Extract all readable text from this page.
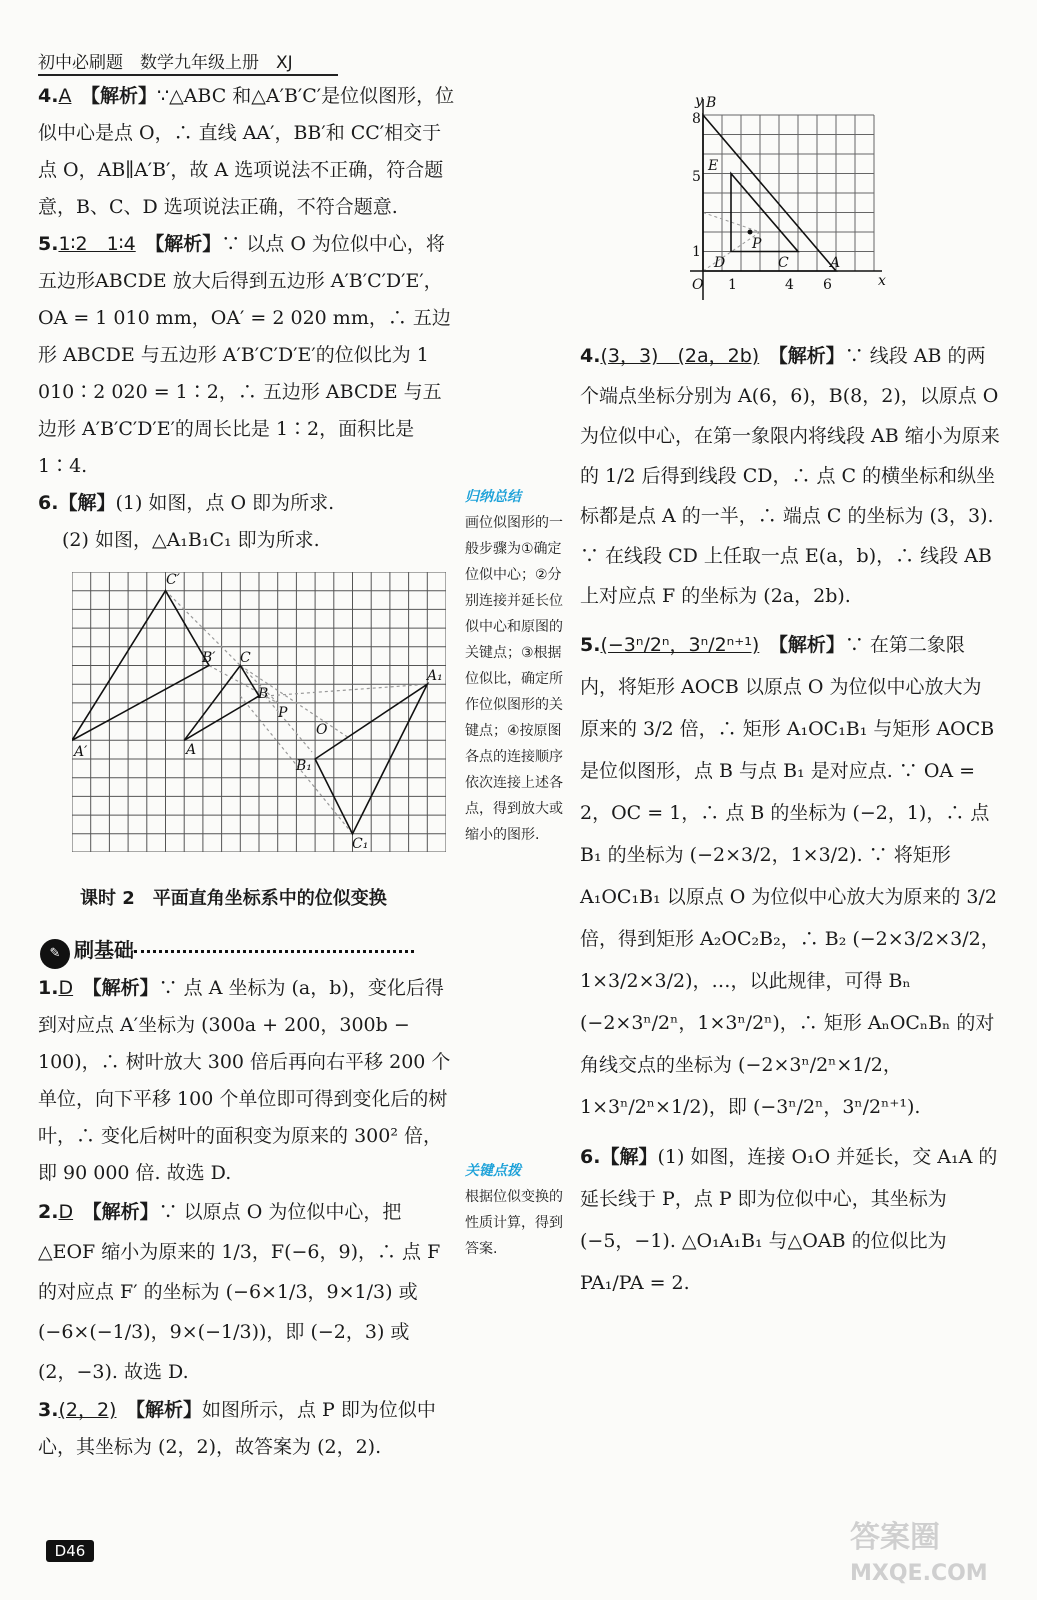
初中必刷题　数学九年级上册　XJ

4.A　 【解析】∵△ABC 和△A′B′C′是位似图形，位似中心是点 O，∴ 直线 AA′，BB′和 CC′相交于点 O，AB∥A′B′，故 A 选项说法不正确，符合题意，B、C、D 选项说法正确，不符合题意.

5.1∶2　1∶4　 【解析】∵ 以点 O 为位似中心，将五边形ABCDE 放大后得到五边形 A′B′C′D′E′，OA = 1 010 mm，OA′ = 2 020 mm，∴ 五边形 ABCDE 与五边形 A′B′C′D′E′的位似比为 1 010∶2 020 = 1∶2，∴ 五边形 ABCDE 与五边形 A′B′C′D′E′的周长比是 1∶2，面积比是 1∶4.

6.【解】(1) 如图，点 O 即为所求.

(2) 如图，△A₁B₁C₁ 即为所求.

C′
B′ C
B
P
O
A′	A
A₁
B₁
C₁
归纳总结
画位似图形的一般步骤为①确定位似中心；②分别连接并延长位似中心和原图的关键点；③根据位似比，确定所作位似图形的关键点；④按原图各点的连接顺序依次连接上述各点，得到放大或缩小的图形.
关键点拨
根据位似变换的性质计算，得到答案.
课时 2　平面直角坐标系中的位似变换
✎ 刷基础

1.D　 【解析】∵ 点 A 坐标为 (a，b)，变化后得到对应点 A′坐标为 (300a + 200，300b − 100)，∴ 树叶放大 300 倍后再向右平移 200 个单位，向下平移 100 个单位即可得到变化后的树叶，∴ 变化后树叶的面积变为原来的 300² 倍，即 90 000 倍. 故选 D.

2.D　 【解析】∵ 以原点 O 为位似中心，把△EOF 缩小为原来的 1/3，F(−6，9)，∴ 点 F 的对应点 F′ 的坐标为 (−6×1/3，9×1/3) 或 (−6×(−1/3)，9×(−1/3))，即 (−2，3) 或 (2，−3). 故选 D.

3.(2，2)　 【解析】如图所示，点 P 即为位似中心，其坐标为 (2，2)，故答案为 (2，2).

B
E
P
D	C	A
O	x
y
1	4 6
1
5
8

4.(3，3)　(2a，2b)　 【解析】∵ 线段 AB 的两个端点坐标分别为 A(6，6)，B(8，2)，以原点 O 为位似中心，在第一象限内将线段 AB 缩小为原来的 1/2 后得到线段 CD，∴ 点 C 的横坐标和纵坐标都是点 A 的一半，∴ 端点 C 的坐标为 (3，3). ∵ 在线段 CD 上任取一点 E(a，b)，∴ 线段 AB 上对应点 F 的坐标为 (2a，2b).

5.(−3ⁿ/2ⁿ，3ⁿ/2ⁿ⁺¹)　 【解析】∵ 在第二象限内，将矩形 AOCB 以原点 O 为位似中心放大为原来的 3/2 倍，∴ 矩形 A₁OC₁B₁ 与矩形 AOCB 是位似图形，点 B 与点 B₁ 是对应点. ∵ OA = 2，OC = 1，∴ 点 B 的坐标为 (−2，1)，∴ 点 B₁ 的坐标为 (−2×3/2，1×3/2). ∵ 将矩形 A₁OC₁B₁ 以原点 O 为位似中心放大为原来的 3/2 倍，得到矩形 A₂OC₂B₂，∴ B₂ (−2×3/2×3/2，1×3/2×3/2)，…，以此规律，可得 Bₙ (−2×3ⁿ/2ⁿ，1×3ⁿ/2ⁿ)，∴ 矩形 AₙOCₙBₙ 的对角线交点的坐标为 (−2×3ⁿ/2ⁿ×1/2，1×3ⁿ/2ⁿ×1/2)，即 (−3ⁿ/2ⁿ，3ⁿ/2ⁿ⁺¹).

6.【解】(1) 如图，连接 O₁O 并延长，交 A₁A 的延长线于 P，点 P 即为位似中心，其坐标为 (−5，−1). △O₁A₁B₁ 与△OAB 的位似比为 PA₁/PA = 2.

D46	答案圈
MXQE.COM
